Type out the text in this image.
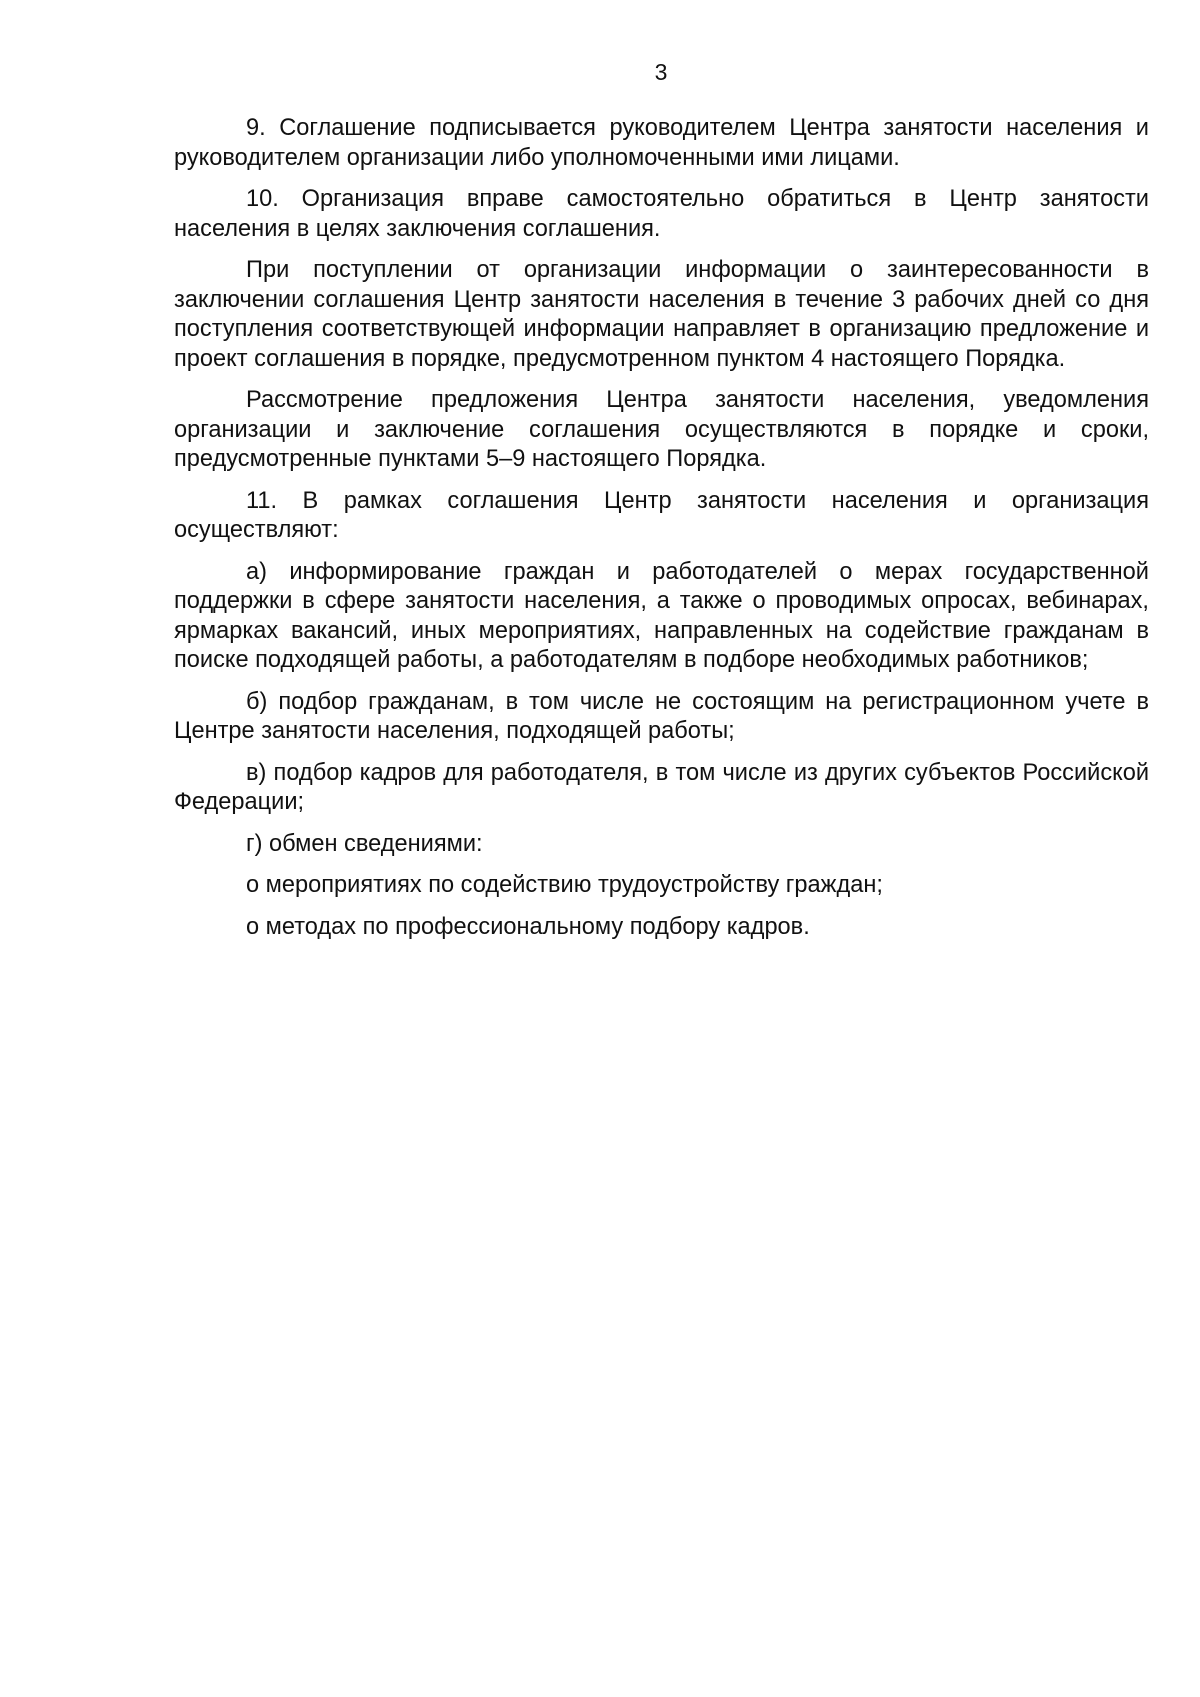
3

9. Соглашение подписывается руководителем Центра занятости населения и руководителем организации либо уполномоченными ими лицами.

10. Организация вправе самостоятельно обратиться в Центр занятости населения в целях заключения соглашения.

При поступлении от организации информации о заинтересованности в заключении соглашения Центр занятости населения в течение 3 рабочих дней со дня поступления соответствующей информации направляет в организацию предложение и проект соглашения в порядке, предусмотренном пунктом 4 настоящего Порядка.

Рассмотрение предложения Центра занятости населения, уведомления организации и заключение соглашения осуществляются в порядке и сроки, предусмотренные пунктами 5–9 настоящего Порядка.

11. В рамках соглашения Центр занятости населения и организация осуществляют:

а) информирование граждан и работодателей о мерах государственной поддержки в сфере занятости населения, а также о проводимых опросах, вебинарах, ярмарках вакансий, иных мероприятиях, направленных на содействие гражданам в поиске подходящей работы, а работодателям в подборе необходимых работников;

б) подбор гражданам, в том числе не состоящим на регистрационном учете в Центре занятости населения, подходящей работы;

в) подбор кадров для работодателя, в том числе из других субъектов Российской Федерации;

г) обмен сведениями:

о мероприятиях по содействию трудоустройству граждан;

о методах по профессиональному подбору кадров.
